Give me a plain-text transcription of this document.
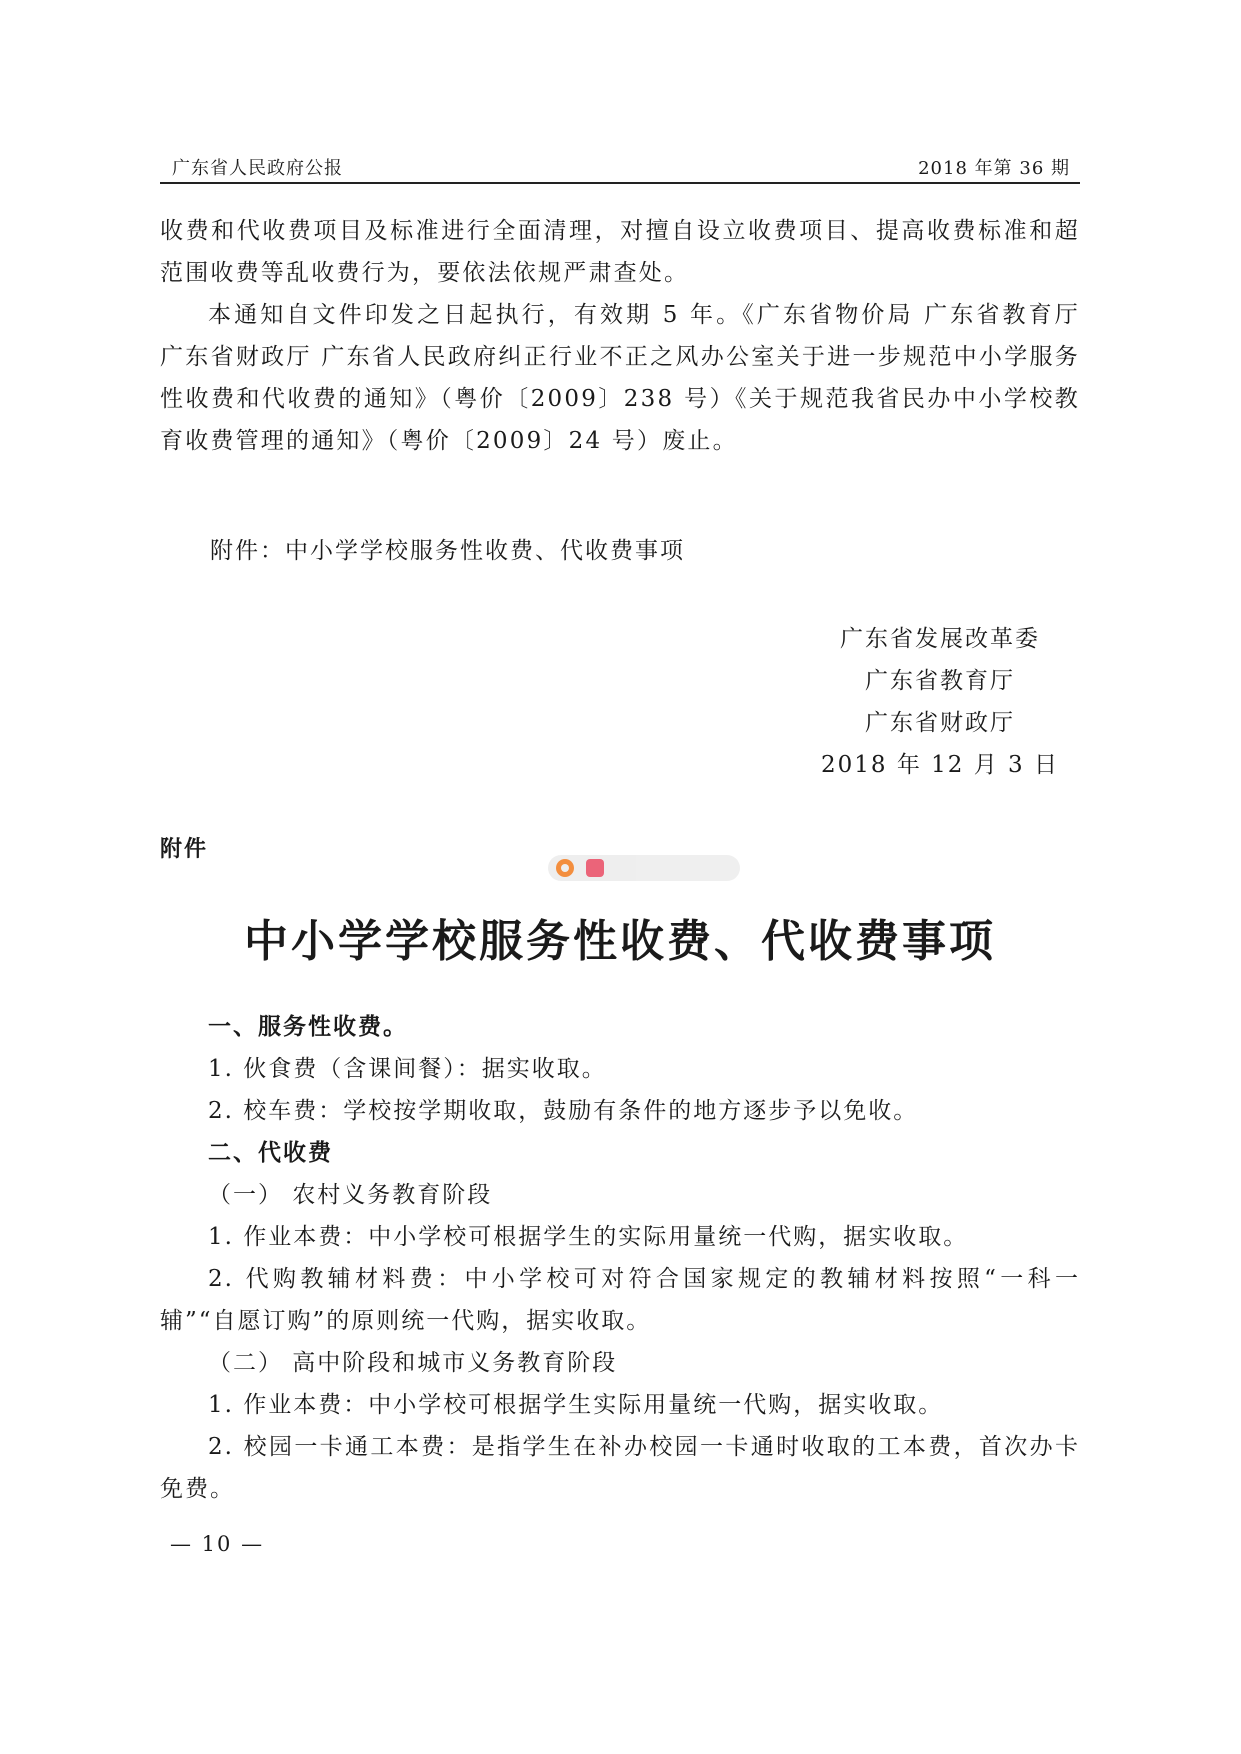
广东省人民政府公报	2018 年第 36 期

收费和代收费项目及标准进行全面清理，对擅自设立收费项目、提高收费标准和超范围收费等乱收费行为，要依法依规严肃查处。

本通知自文件印发之日起执行，有效期 5 年。《广东省物价局 广东省教育厅 广东省财政厅 广东省人民政府纠正行业不正之风办公室关于进一步规范中小学服务性收费和代收费的通知》（粤价〔2009〕238 号）《关于规范我省民办中小学校教育收费管理的通知》（粤价〔2009〕24 号）废止。

附件：中小学学校服务性收费、代收费事项
广东省发展改革委
广东省教育厅
广东省财政厅
2018 年 12 月 3 日
附件
中小学学校服务性收费、代收费事项
一、服务性收费。
1. 伙食费（含课间餐）：据实收取。
2. 校车费：学校按学期收取，鼓励有条件的地方逐步予以免收。
二、代收费
（一） 农村义务教育阶段
1. 作业本费：中小学校可根据学生的实际用量统一代购，据实收取。
2. 代购教辅材料费：中小学校可对符合国家规定的教辅材料按照“一科一辅”“自愿订购”的原则统一代购，据实收取。
（二） 高中阶段和城市义务教育阶段
1. 作业本费：中小学校可根据学生实际用量统一代购，据实收取。
2. 校园一卡通工本费：是指学生在补办校园一卡通时收取的工本费，首次办卡免费。
— 10 —
